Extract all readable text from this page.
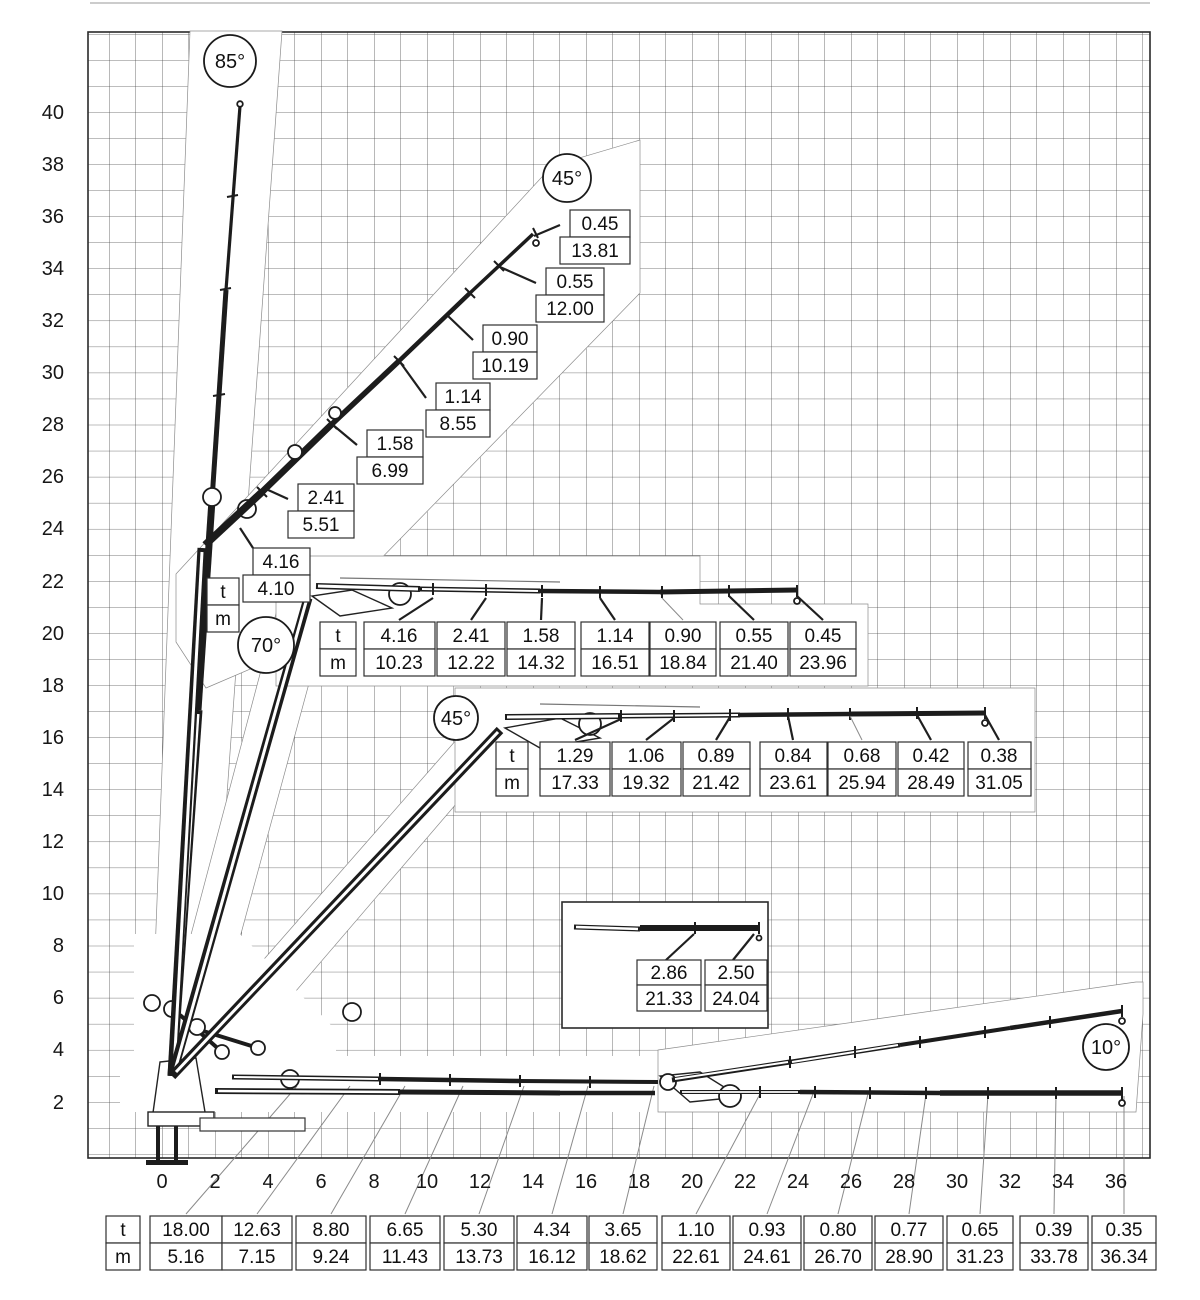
85°
45°
70°
45°
10°
0.45
13.81
0.55
12.00
0.90
10.19
1.14
8.55
1.58
6.99
2.41
5.51
4.16
4.10
t
m
t
m
4.16
10.23
2.41
12.22
1.58
14.32
1.14
16.51
0.90
18.84
0.55
21.40
0.45
23.96
t
m
1.29
17.33
1.06
19.32
0.89
21.42
0.84
23.61
0.68
25.94
0.42
28.49
0.38
31.05
2.86
21.33
2.50
24.04
40
38
36
34
32
30
28
26
24
22
20
18
16
14
12
10
8
6
4
2
0 2 4 6 8 10 12 14 16 18 20 22 24 26 28 30 32 34 36
t
m
18.00
5.16
12.63
7.15
8.80
9.24
6.65
11.43
5.30
13.73
4.34
16.12
3.65
18.62
1.10
22.61
0.93
24.61
0.80
26.70
0.77
28.90
0.65
31.23
0.39
33.78
0.35
36.34
